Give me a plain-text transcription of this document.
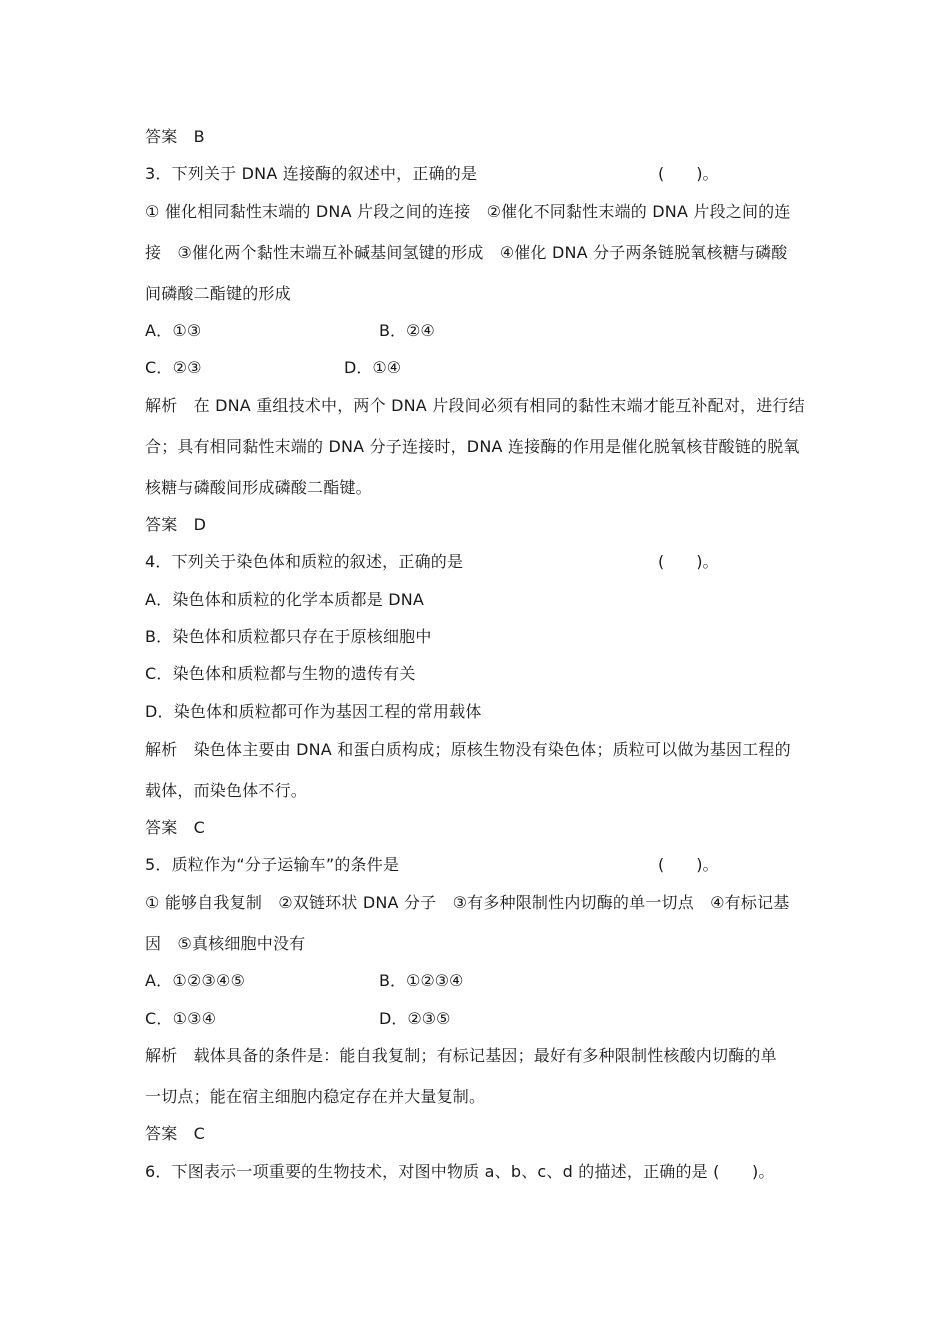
答案　B
3．下列关于 DNA 连接酶的叙述中，正确的是	(　　)。
① 催化相同黏性末端的 DNA 片段之间的连接　②催化不同黏性末端的 DNA 片段之间的连
接　③催化两个黏性末端互补碱基间氢键的形成　④催化 DNA 分子两条链脱氧核糖与磷酸
间磷酸二酯键的形成
A．①③	B．②④
C．②③	D．①④
解析　在 DNA 重组技术中，两个 DNA 片段间必须有相同的黏性末端才能互补配对，进行结
合；具有相同黏性末端的 DNA 分子连接时，DNA 连接酶的作用是催化脱氧核苷酸链的脱氧
核糖与磷酸间形成磷酸二酯键。
答案　D
4．下列关于染色体和质粒的叙述，正确的是	(　　)。
A．染色体和质粒的化学本质都是 DNA
B．染色体和质粒都只存在于原核细胞中
C．染色体和质粒都与生物的遗传有关
D．染色体和质粒都可作为基因工程的常用载体
解析　染色体主要由 DNA 和蛋白质构成；原核生物没有染色体；质粒可以做为基因工程的
载体，而染色体不行。
答案　C
5．质粒作为“分子运输车”的条件是	(　　)。
① 能够自我复制　②双链环状 DNA 分子　③有多种限制性内切酶的单一切点　④有标记基
因　⑤真核细胞中没有
A．①②③④⑤	B．①②③④
C．①③④	D．②③⑤
解析　载体具备的条件是：能自我复制；有标记基因；最好有多种限制性核酸内切酶的单
一切点；能在宿主细胞内稳定存在并大量复制。
答案　C
6．下图表示一项重要的生物技术，对图中物质 a、b、c、d 的描述，正确的是 (　　)。
